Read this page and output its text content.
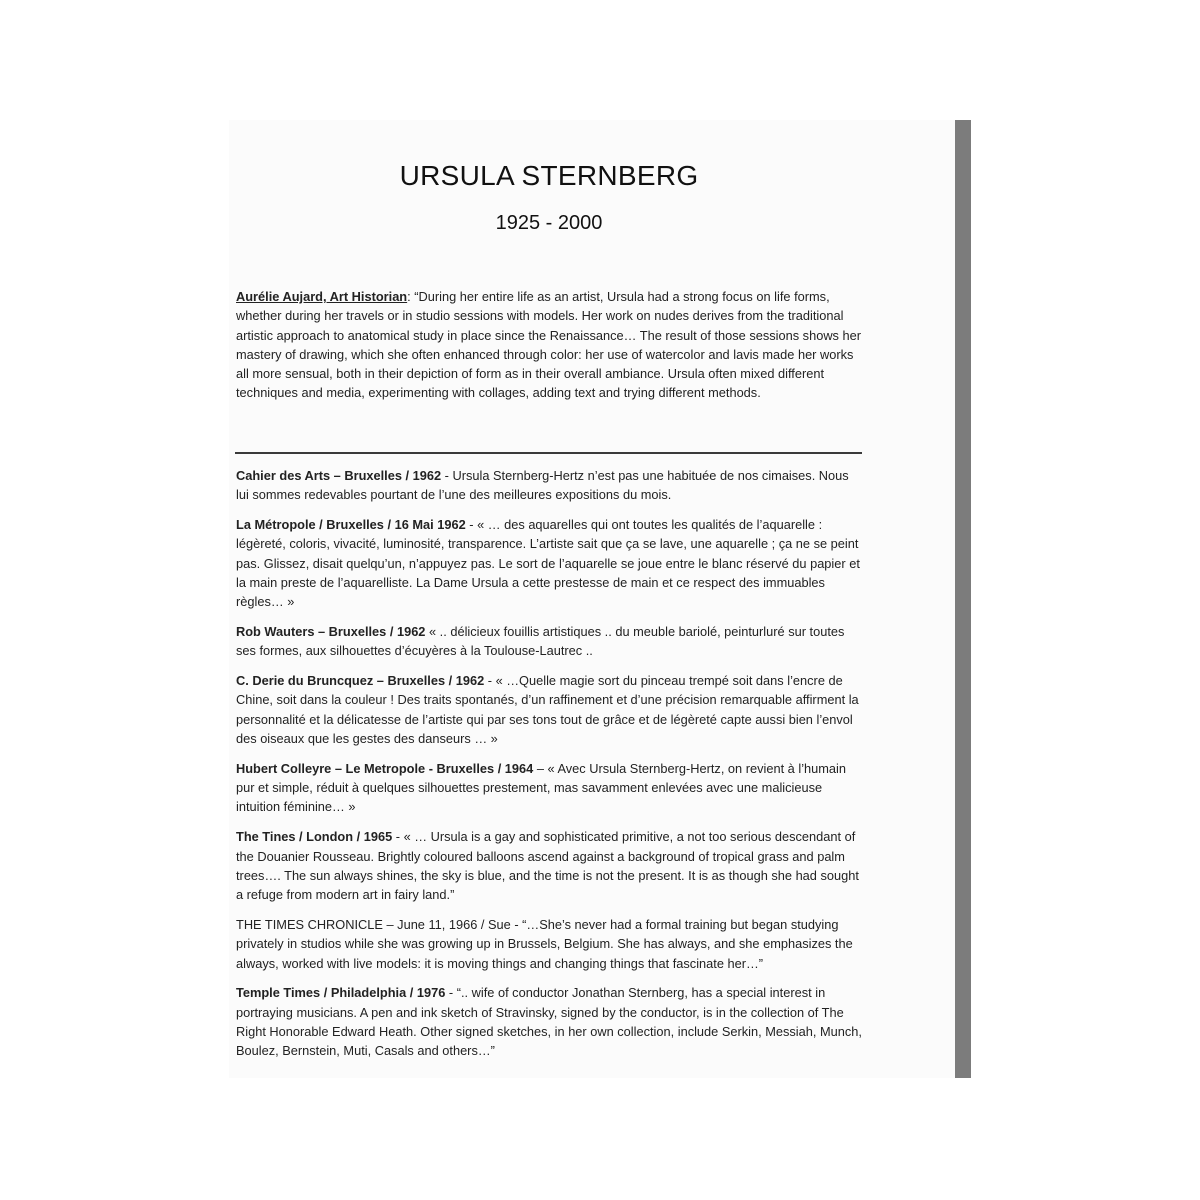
URSULA STERNBERG

1925 - 2000

Aurélie Aujard, Art Historian: “During her entire life as an artist, Ursula had a strong focus on life forms, whether during her travels or in studio sessions with models. Her work on nudes derives from the traditional artistic approach to anatomical study in place since the Renaissance… The result of those sessions shows her mastery of drawing, which she often enhanced through color: her use of watercolor and lavis made her works all more sensual, both in their depiction of form as in their overall ambiance. Ursula often mixed different techniques and media, experimenting with collages, adding text and trying different methods.

Cahier des Arts – Bruxelles / 1962 - Ursula Sternberg-Hertz n’est pas une habituée de nos cimaises. Nous lui sommes redevables pourtant de l’une des meilleures expositions du mois.

La Métropole / Bruxelles / 16 Mai 1962 - « … des aquarelles qui ont toutes les qualités de l’aquarelle : légèreté, coloris, vivacité, luminosité, transparence. L’artiste sait que ça se lave, une aquarelle ; ça ne se peint pas. Glissez, disait quelqu’un, n’appuyez pas. Le sort de l’aquarelle se joue entre le blanc réservé du papier et la main preste de l’aquarelliste. La Dame Ursula a cette prestesse de main et ce respect des immuables règles… »

Rob Wauters – Bruxelles / 1962 « .. délicieux fouillis artistiques .. du meuble bariolé, peinturluré sur toutes ses formes, aux silhouettes d’écuyères à la Toulouse-Lautrec ..

C. Derie du Bruncquez – Bruxelles / 1962 - « …Quelle magie sort du pinceau trempé soit dans l’encre de Chine, soit dans la couleur ! Des traits spontanés, d’un raffinement et d’une précision remarquable affirment la personnalité et la délicatesse de l’artiste qui par ses tons tout de grâce et de légèreté capte aussi bien l’envol des oiseaux que les gestes des danseurs … »

Hubert Colleyre – Le Metropole - Bruxelles / 1964 – « Avec Ursula Sternberg-Hertz, on revient à l’humain pur et simple, réduit à quelques silhouettes prestement, mas savamment enlevées avec une malicieuse intuition féminine… »

The Tines / London / 1965 - « … Ursula is a gay and sophisticated primitive, a not too serious descendant of the Douanier Rousseau. Brightly coloured balloons ascend against a background of tropical grass and palm trees…. The sun always shines, the sky is blue, and the time is not the present. It is as though she had sought a refuge from modern art in fairy land.”

THE TIMES CHRONICLE – June 11, 1966 / Sue - “…She’s never had a formal training but began studying privately in studios while she was growing up in Brussels, Belgium. She has always, and she emphasizes the always, worked with live models: it is moving things and changing things that fascinate her…”

Temple Times / Philadelphia / 1976 - “.. wife of conductor Jonathan Sternberg, has a special interest in portraying musicians. A pen and ink sketch of Stravinsky, signed by the conductor, is in the collection of The Right Honorable Edward Heath. Other signed sketches, in her own collection, include Serkin, Messiah, Munch, Boulez, Bernstein, Muti, Casals and others…”
